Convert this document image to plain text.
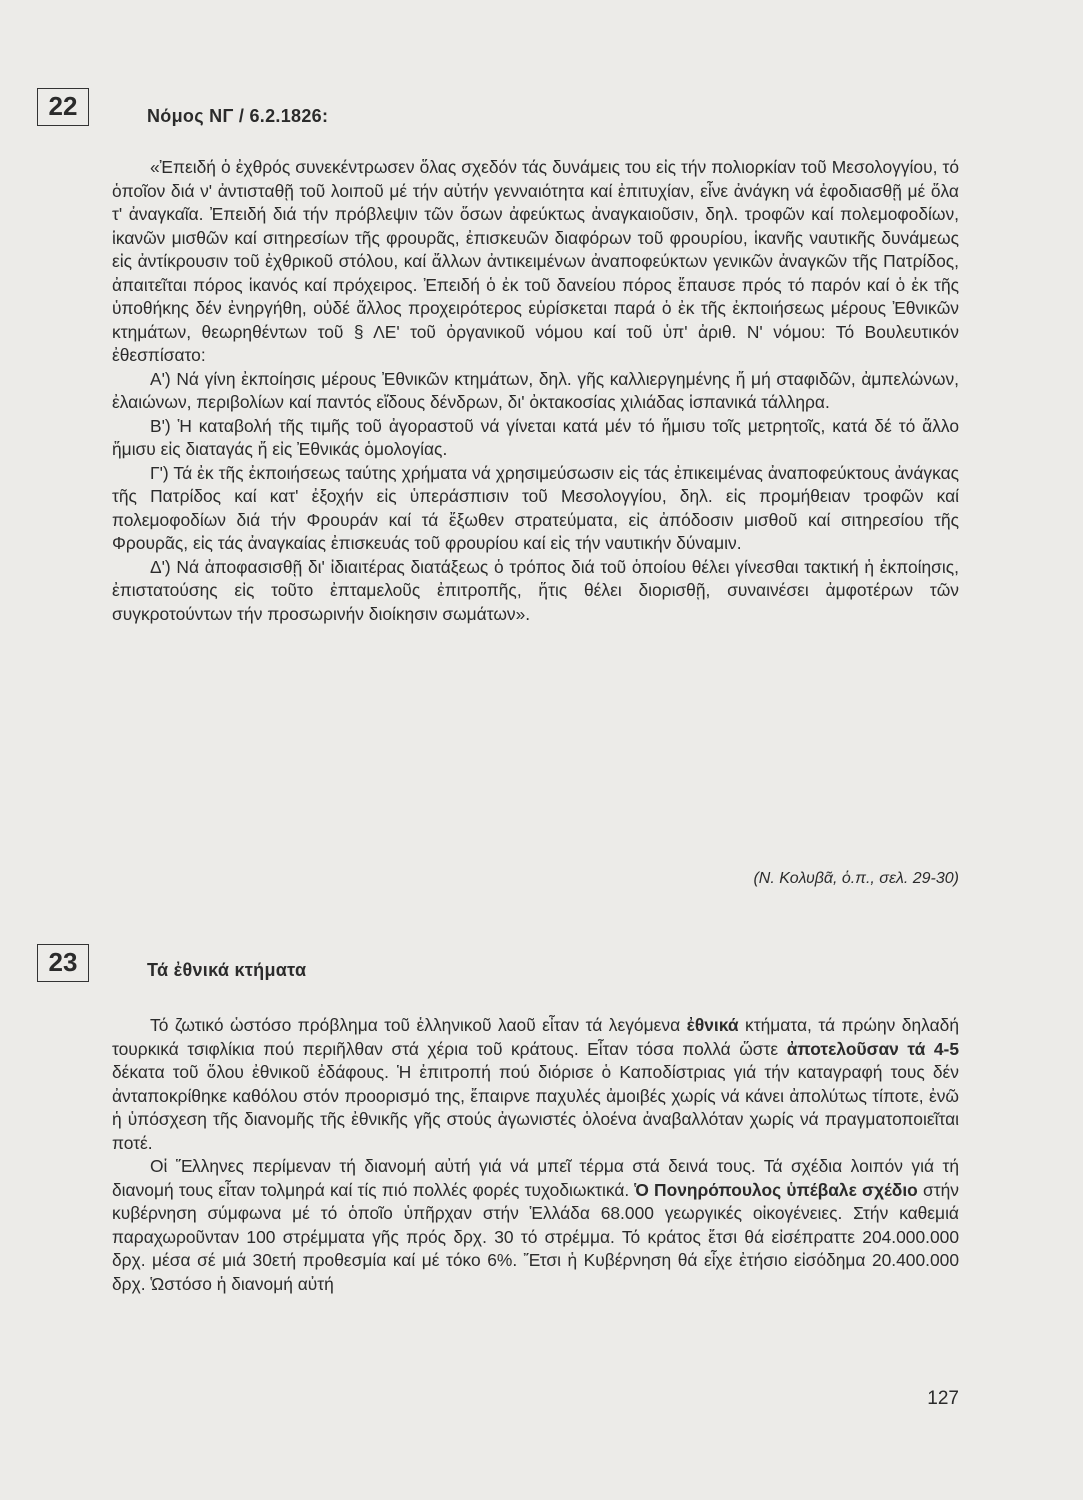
22	Νόμος ΝΓ / 6.2.1826:

«Ἐπειδή ὁ ἐχθρός συνεκέντρωσεν ὅλας σχεδόν τάς δυνάμεις του εἰς τήν πολιορκίαν τοῦ Μεσολογγίου, τό ὁποῖον διά ν' ἀντισταθῇ τοῦ λοιποῦ μέ τήν αὐτήν γενναιότητα καί ἐπιτυχίαν, εἶνε ἀνάγκη νά ἐφοδιασθῇ μέ ὅλα τ' ἀναγκαῖα. Ἐπειδή διά τήν πρόβλεψιν τῶν ὅσων ἀφεύκτως ἀναγκαιοῦσιν, δηλ. τροφῶν καί πολεμοφοδίων, ἱκανῶν μισθῶν καί σιτηρεσίων τῆς φρουρᾶς, ἐπισκευῶν διαφόρων τοῦ φρουρίου, ἱκανῆς ναυτικῆς δυνάμεως εἰς ἀντίκρουσιν τοῦ ἐχθρικοῦ στόλου, καί ἄλλων ἀντικειμένων ἀναποφεύκτων γενικῶν ἀναγκῶν τῆς Πατρίδος, ἀπαιτεῖται πόρος ἱκανός καί πρόχειρος. Ἐπειδή ὁ ἐκ τοῦ δανείου πόρος ἔπαυσε πρός τό παρόν καί ὁ ἐκ τῆς ὑποθήκης δέν ἐνηργήθη, οὐδέ ἄλλος προχειρότερος εὑρίσκεται παρά ὁ ἐκ τῆς ἐκποιήσεως μέρους Ἐθνικῶν κτημάτων, θεωρηθέντων τοῦ § ΛΕ' τοῦ ὀργανικοῦ νόμου καί τοῦ ὑπ' ἀριθ. Ν' νόμου: Τό Βουλευτικόν ἐθεσπίσατο:

Α') Νά γίνη ἐκποίησις μέρους Ἐθνικῶν κτημάτων, δηλ. γῆς καλλιεργημένης ἤ μή σταφιδῶν, ἀμπελώνων, ἐλαιώνων, περιβολίων καί παντός εἴδους δένδρων, δι' ὀκτακοσίας χιλιάδας ἱσπανικά τάλληρα.

Β') Ἡ καταβολή τῆς τιμῆς τοῦ ἀγοραστοῦ νά γίνεται κατά μέν τό ἥμισυ τοῖς μετρητοῖς, κατά δέ τό ἄλλο ἥμισυ εἰς διαταγάς ἤ εἰς Ἐθνικάς ὁμολογίας.

Γ') Τά ἐκ τῆς ἐκποιήσεως ταύτης χρήματα νά χρησιμεύσωσιν εἰς τάς ἐπικειμένας ἀναποφεύκτους ἀνάγκας τῆς Πατρίδος καί κατ' ἐξοχήν εἰς ὑπεράσπισιν τοῦ Μεσολογγίου, δηλ. εἰς προμήθειαν τροφῶν καί πολεμοφοδίων διά τήν Φρουράν καί τά ἔξωθεν στρατεύματα, εἰς ἀπόδοσιν μισθοῦ καί σιτηρεσίου τῆς Φρουρᾶς, εἰς τάς ἀναγκαίας ἐπισκευάς τοῦ φρουρίου καί εἰς τήν ναυτικήν δύναμιν.

Δ') Νά ἀποφασισθῇ δι' ἰδιαιτέρας διατάξεως ὁ τρόπος διά τοῦ ὁποίου θέλει γίνεσθαι τακτική ἡ ἐκποίησις, ἐπιστατούσης εἰς τοῦτο ἐπταμελοῦς ἐπιτροπῆς, ἥτις θέλει διορισθῇ, συναινέσει ἀμφοτέρων τῶν συγκροτούντων τήν προσωρινήν διοίκησιν σωμάτων».

(Ν. Κολυβᾶ, ὁ.π., σελ. 29-30)
23	Τά ἐθνικά κτήματα

Τό ζωτικό ὡστόσο πρόβλημα τοῦ ἑλληνικοῦ λαοῦ εἶταν τά λεγόμενα ἐθνικά κτήματα, τά πρώην δηλαδή τουρκικά τσιφλίκια πού περιῆλθαν στά χέρια τοῦ κράτους. Εἶταν τόσα πολλά ὥστε ἀποτελοῦσαν τά 4-5 δέκατα τοῦ ὅλου ἐθνικοῦ ἐδάφους. Ἡ ἐπιτροπή πού διόρισε ὁ Καποδίστριας γιά τήν καταγραφή τους δέν ἀνταποκρίθηκε καθόλου στόν προορισμό της, ἔπαιρνε παχυλές ἀμοιβές χωρίς νά κάνει ἀπολύτως τίποτε, ἐνῶ ἡ ὑπόσχεση τῆς διανομῆς τῆς ἐθνικῆς γῆς στούς ἀγωνιστές ὁλοένα ἀναβαλλόταν χωρίς νά πραγματοποιεῖται ποτέ.

Οἱ Ἕλληνες περίμεναν τή διανομή αὐτή γιά νά μπεῖ τέρμα στά δεινά τους. Τά σχέδια λοιπόν γιά τή διανομή τους εἶταν τολμηρά καί τίς πιό πολλές φορές τυχοδιωκτικά. Ὁ Πονηρόπουλος ὑπέβαλε σχέδιο στήν κυβέρνηση σύμφωνα μέ τό ὁποῖο ὑπῆρχαν στήν Ἑλλάδα 68.000 γεωργικές οἰκογένειες. Στήν καθεμιά παραχωροῦνταν 100 στρέμματα γῆς πρός δρχ. 30 τό στρέμμα. Τό κράτος ἔτσι θά εἰσέπραττε 204.000.000 δρχ. μέσα σέ μιά 30ετή προθεσμία καί μέ τόκο 6%. Ἔτσι ἡ Κυβέρνηση θά εἶχε ἐτήσιο εἰσόδημα 20.400.000 δρχ. Ὡστόσο ἡ διανομή αὐτή

127
